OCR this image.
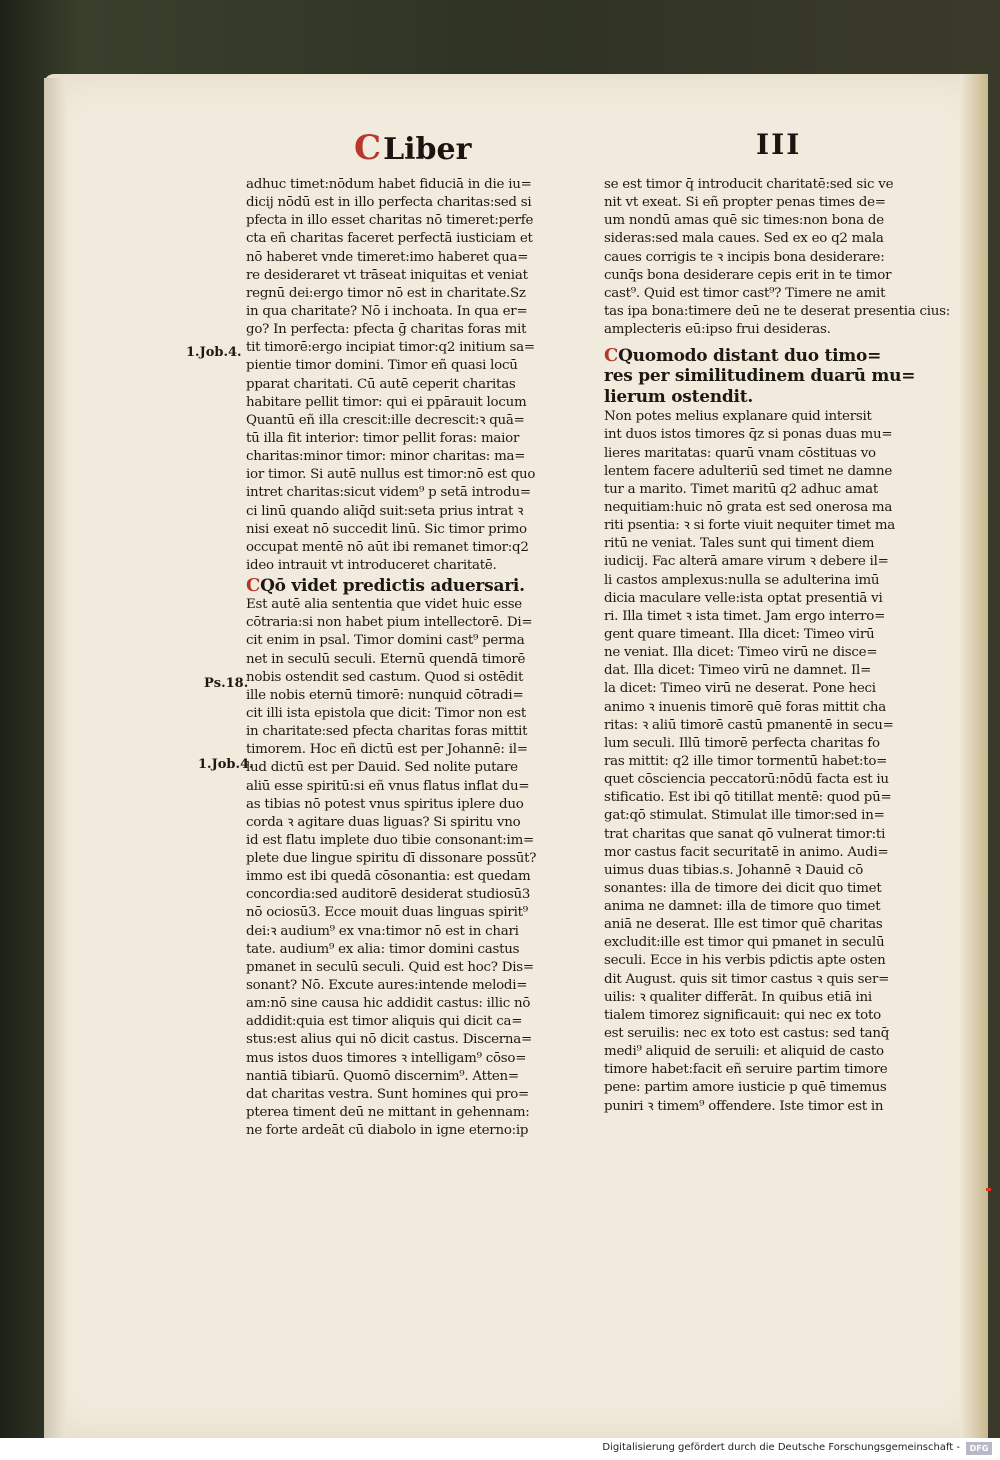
CLiber	III
1.Job.4.
Ps.18.
1.Job.4.
adhuc timet:nōdum habet fiduciā in die iu=
dicij nōdū est in illo perfecta charitas:sed si
pfecta in illo esset charitas nō timeret:perfe
cta eñ charitas faceret perfectā iusticiam et
nō haberet vnde timeret:imo haberet qua=
re desideraret vt trāseat iniquitas et veniat
regnū dei:ergo timor nō est in charitate.Sz
in qua charitate? Nō i inchoata. In qua er=
go? In perfecta: pfecta ḡ charitas foras mit
tit timorē:ergo incipiat timor:q2 initium sa=
pientie timor domini. Timor eñ quasi locū
pparat charitati. Cū autē ceperit charitas
habitare pellit timor: qui ei ppārauit locum
Quantū eñ illa crescit:ille decrescit:ꝛ quā=
tū illa fit interior: timor pellit foras: maior
charitas:minor timor: minor charitas: ma=
ior timor. Si autē nullus est timor:nō est quo
intret charitas:sicut videm⁹ p setā introdu=
ci linū quando aliq̄d suit:seta prius intrat ꝛ
nisi exeat nō succedit linū. Sic timor primo
occupat mentē nō aūt ibi remanet timor:q2
ideo intrauit vt introduceret charitatē.
CQō videt predictis aduersari.
Est autē alia sententia que videt huic esse
cōtraria:si non habet pium intellectorē. Di=
cit enim in psal. Timor domini cast⁹ perma
net in seculū seculi. Eternū quendā timorē
nobis ostendit sed castum. Quod si ostēdit
ille nobis eternū timorē: nunquid cōtradi=
cit illi ista epistola que dicit: Timor non est
in charitate:sed pfecta charitas foras mittit
timorem. Hoc eñ dictū est per Johannē: il=
lud dictū est per Dauid. Sed nolite putare
aliū esse spiritū:si eñ vnus flatus inflat du=
as tibias nō potest vnus spiritus iplere duo
corda ꝛ agitare duas liguas? Si spiritu vno
id est flatu implete duo tibie consonant:im=
plete due lingue spiritu dī dissonare possūt?
immo est ibi quedā cōsonantia: est quedam
concordia:sed auditorē desiderat studiosū3
nō ociosū3. Ecce mouit duas linguas spirit⁹
dei:ꝛ audium⁹ ex vna:timor nō est in chari
tate. audium⁹ ex alia: timor domini castus
pmanet in seculū seculi. Quid est hoc? Dis=
sonant? Nō. Excute aures:intende melodi=
am:nō sine causa hic addidit castus: illic nō
addidit:quia est timor aliquis qui dicit ca=
stus:est alius qui nō dicit castus. Discerna=
mus istos duos timores ꝛ intelligam⁹ cōso=
nantiā tibiarū. Quomō discernim⁹. Atten=
dat charitas vestra. Sunt homines qui pro=
pterea timent deū ne mittant in gehennam:
ne forte ardeāt cū diabolo in igne eterno:ip
se est timor q̄ introducit charitatē:sed sic ve
nit vt exeat. Si eñ propter penas times de=
um nondū amas quē sic times:non bona de
sideras:sed mala caues. Sed ex eo q2 mala
caues corrigis te ꝛ incipis bona desiderare:
cunq̄s bona desiderare cepis erit in te timor
cast⁹. Quid est timor cast⁹? Timere ne amit
tas ipa bona:timere deū ne te deserat presentia cius:
amplecteris eū:ipso frui desideras.
CQuomodo distant duo timo=
res per similitudinem duarū mu=
lierum ostendit.
Non potes melius explanare quid intersit
int duos istos timores q̄z si ponas duas mu=
lieres maritatas: quarū vnam cōstituas vo
lentem facere adulteriū sed timet ne damne
tur a marito. Timet maritū q2 adhuc amat
nequitiam:huic nō grata est sed onerosa ma
riti psentia: ꝛ si forte viuit nequiter timet ma
ritū ne veniat. Tales sunt qui timent diem
iudicij. Fac alterā amare virum ꝛ debere il=
li castos amplexus:nulla se adulterina imū
dicia maculare velle:ista optat presentiā vi
ri. Illa timet ꝛ ista timet. Jam ergo interro=
gent quare timeant. Illa dicet: Timeo virū
ne veniat. Illa dicet: Timeo virū ne disce=
dat. Illa dicet: Timeo virū ne damnet. Il=
la dicet: Timeo virū ne deserat. Pone heci
animo ꝛ inuenis timorē quē foras mittit cha
ritas: ꝛ aliū timorē castū pmanentē in secu=
lum seculi. Illū timorē perfecta charitas fo
ras mittit: q2 ille timor tormentū habet:to=
quet cōsciencia peccatorū:nōdū facta est iu
stificatio. Est ibi qō titillat mentē: quod pū=
gat:qō stimulat. Stimulat ille timor:sed in=
trat charitas que sanat qō vulnerat timor:ti
mor castus facit securitatē in animo. Audi=
uimus duas tibias.s. Johannē ꝛ Dauid cō
sonantes: illa de timore dei dicit quo timet
anima ne damnet: illa de timore quo timet
aniā ne deserat. Ille est timor quē charitas
excludit:ille est timor qui pmanet in seculū
seculi. Ecce in his verbis pdictis apte osten
dit August. quis sit timor castus ꝛ quis ser=
uilis: ꝛ qualiter differāt. In quibus etiā ini
tialem timorez significauit: qui nec ex toto
est seruilis: nec ex toto est castus: sed tanq̄
medi⁹ aliquid de seruili: et aliquid de casto
timore habet:facit eñ seruire partim timore
pene: partim amore iusticie p quē timemus
puniri ꝛ timem⁹ offendere. Iste timor est in
Digitalisierung gefördert durch die Deutsche Forschungsgemeinschaft -	DFG
